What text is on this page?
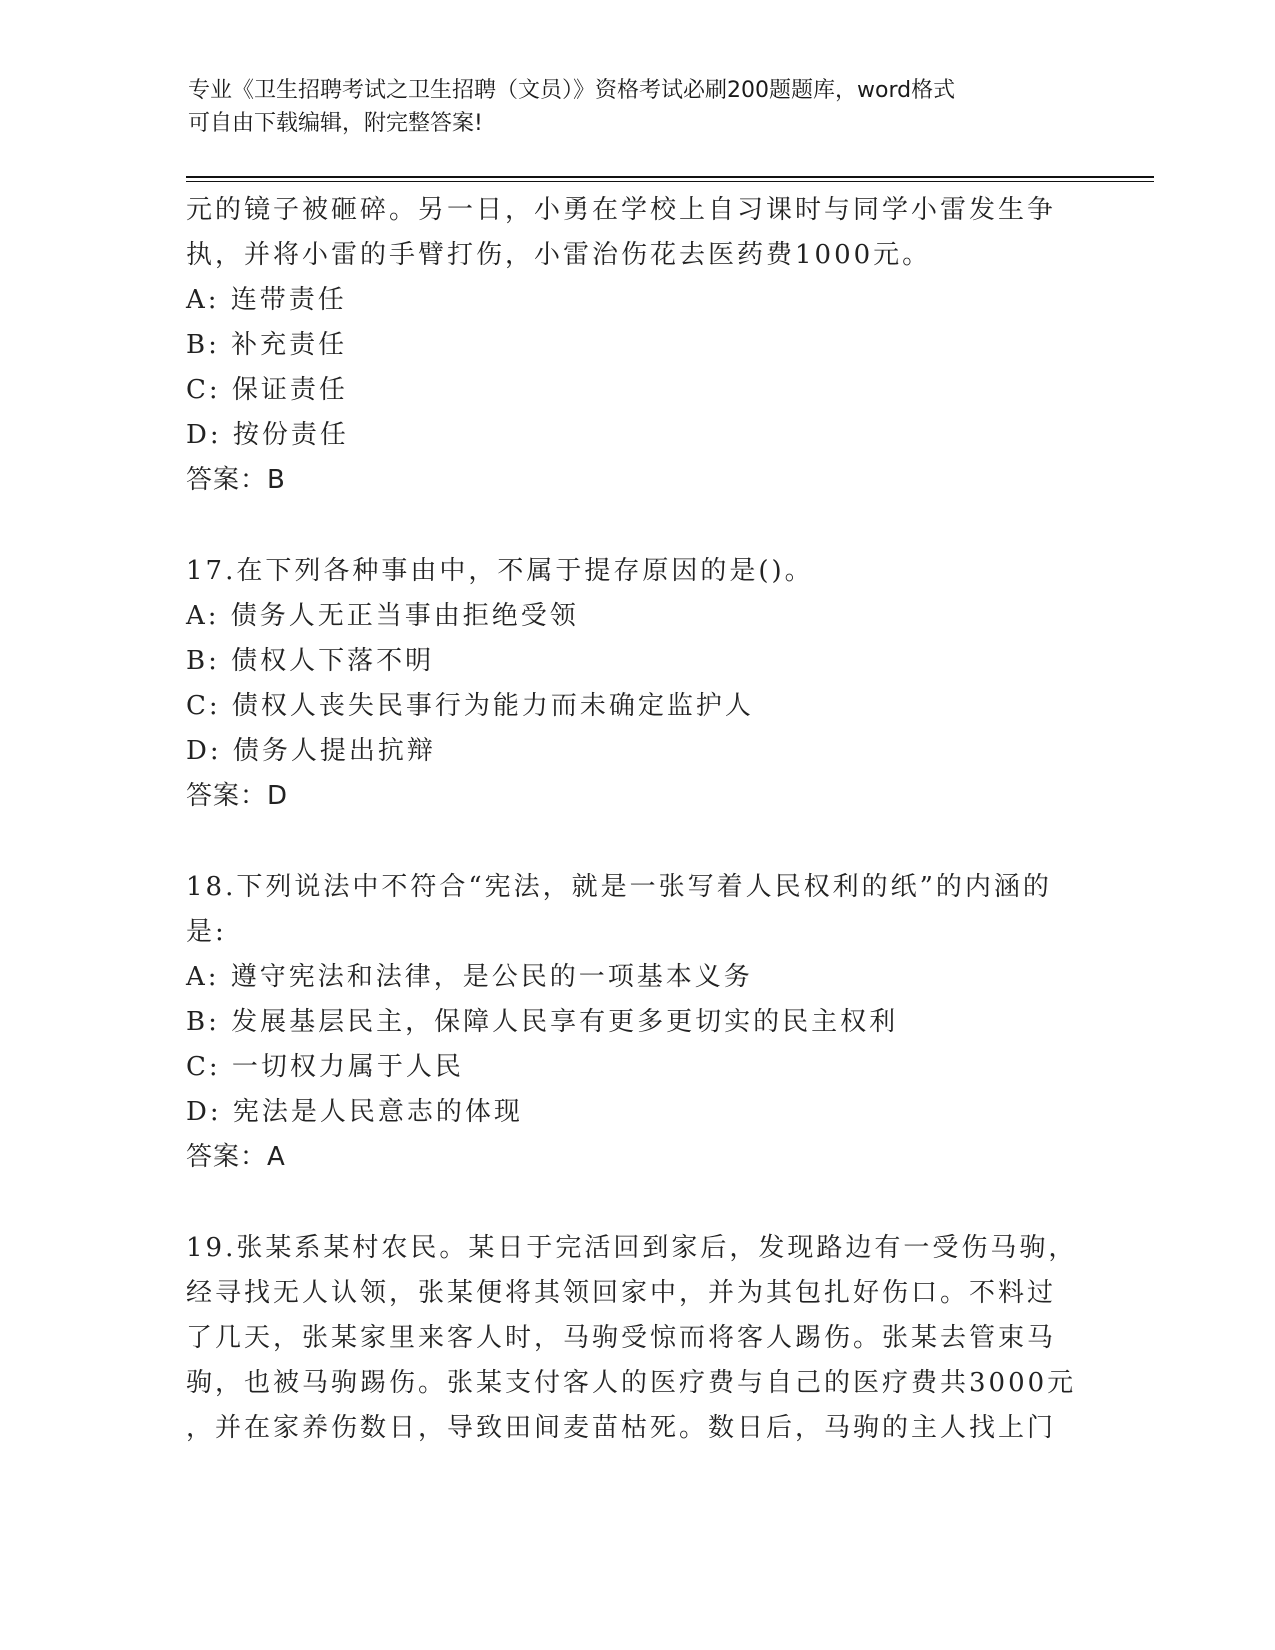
专业《卫生招聘考试之卫生招聘（文员）》资格考试必刷200题题库，word格式
可自由下载编辑，附完整答案!
元的镜子被砸碎。另一日，小勇在学校上自习课时与同学小雷发生争
执，并将小雷的手臂打伤，小雷治伤花去医药费1000元。
A: 连带责任
B: 补充责任
C: 保证责任
D: 按份责任
答案：B
17.在下列各种事由中，不属于提存原因的是()。
A: 债务人无正当事由拒绝受领
B: 债权人下落不明
C: 债权人丧失民事行为能力而未确定监护人
D: 债务人提出抗辩
答案：D
18.下列说法中不符合“宪法，就是一张写着人民权利的纸”的内涵的
是:
A: 遵守宪法和法律，是公民的一项基本义务
B: 发展基层民主，保障人民享有更多更切实的民主权利
C: 一切权力属于人民
D: 宪法是人民意志的体现
答案：A
19.张某系某村农民。某日于完活回到家后，发现路边有一受伤马驹，
经寻找无人认领，张某便将其领回家中，并为其包扎好伤口。不料过
了几天，张某家里来客人时，马驹受惊而将客人踢伤。张某去管束马
驹，也被马驹踢伤。张某支付客人的医疗费与自己的医疗费共3000元
，并在家养伤数日，导致田间麦苗枯死。数日后，马驹的主人找上门
